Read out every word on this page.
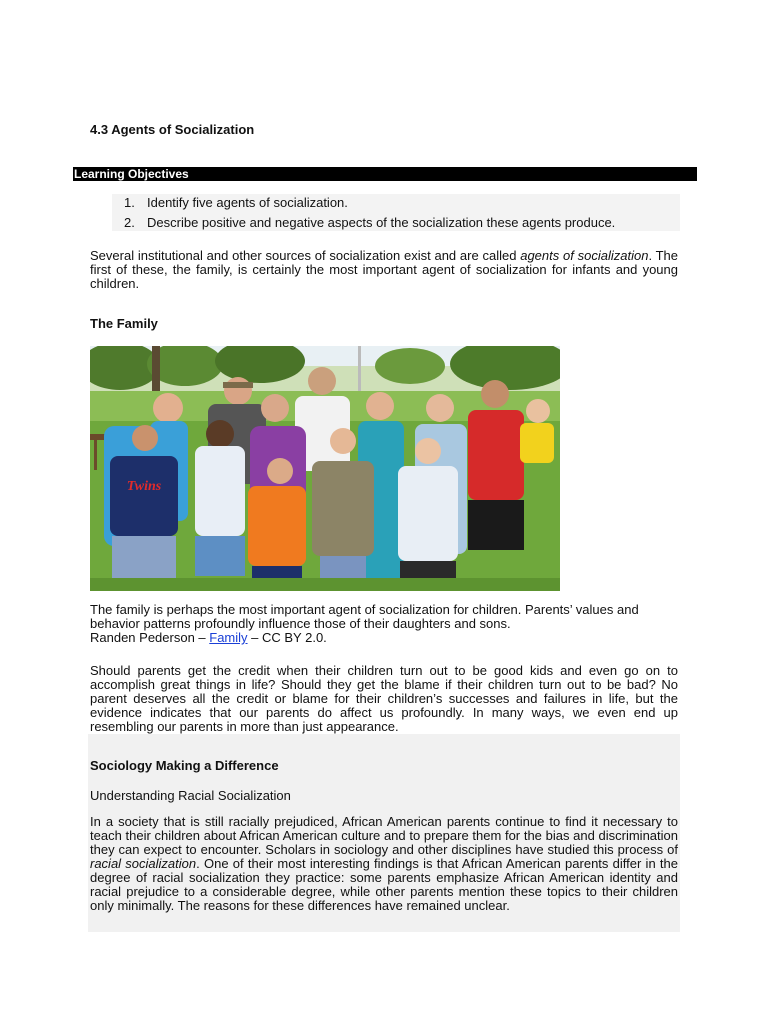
4.3 Agents of Socialization
Learning Objectives
1. Identify five agents of socialization.
2. Describe positive and negative aspects of the socialization these agents produce.

Several institutional and other sources of socialization exist and are called agents of socialization. The first of these, the family, is certainly the most important agent of socialization for infants and young children.

The Family
Twins

The family is perhaps the most important agent of socialization for children. Parents’ values and behavior patterns profoundly influence those of their daughters and sons.
Randen Pederson – Family – CC BY 2.0.

Should parents get the credit when their children turn out to be good kids and even go on to accomplish great things in life? Should they get the blame if their children turn out to be bad? No parent deserves all the credit or blame for their children’s successes and failures in life, but the evidence indicates that our parents do affect us profoundly. In many ways, we even end up resembling our parents in more than just appearance.

Sociology Making a Difference
Understanding Racial Socialization

In a society that is still racially prejudiced, African American parents continue to find it necessary to teach their children about African American culture and to prepare them for the bias and discrimination they can expect to encounter. Scholars in sociology and other disciplines have studied this process of racial socialization. One of their most interesting findings is that African American parents differ in the degree of racial socialization they practice: some parents emphasize African American identity and racial prejudice to a considerable degree, while other parents mention these topics to their children only minimally. The reasons for these differences have remained unclear.
